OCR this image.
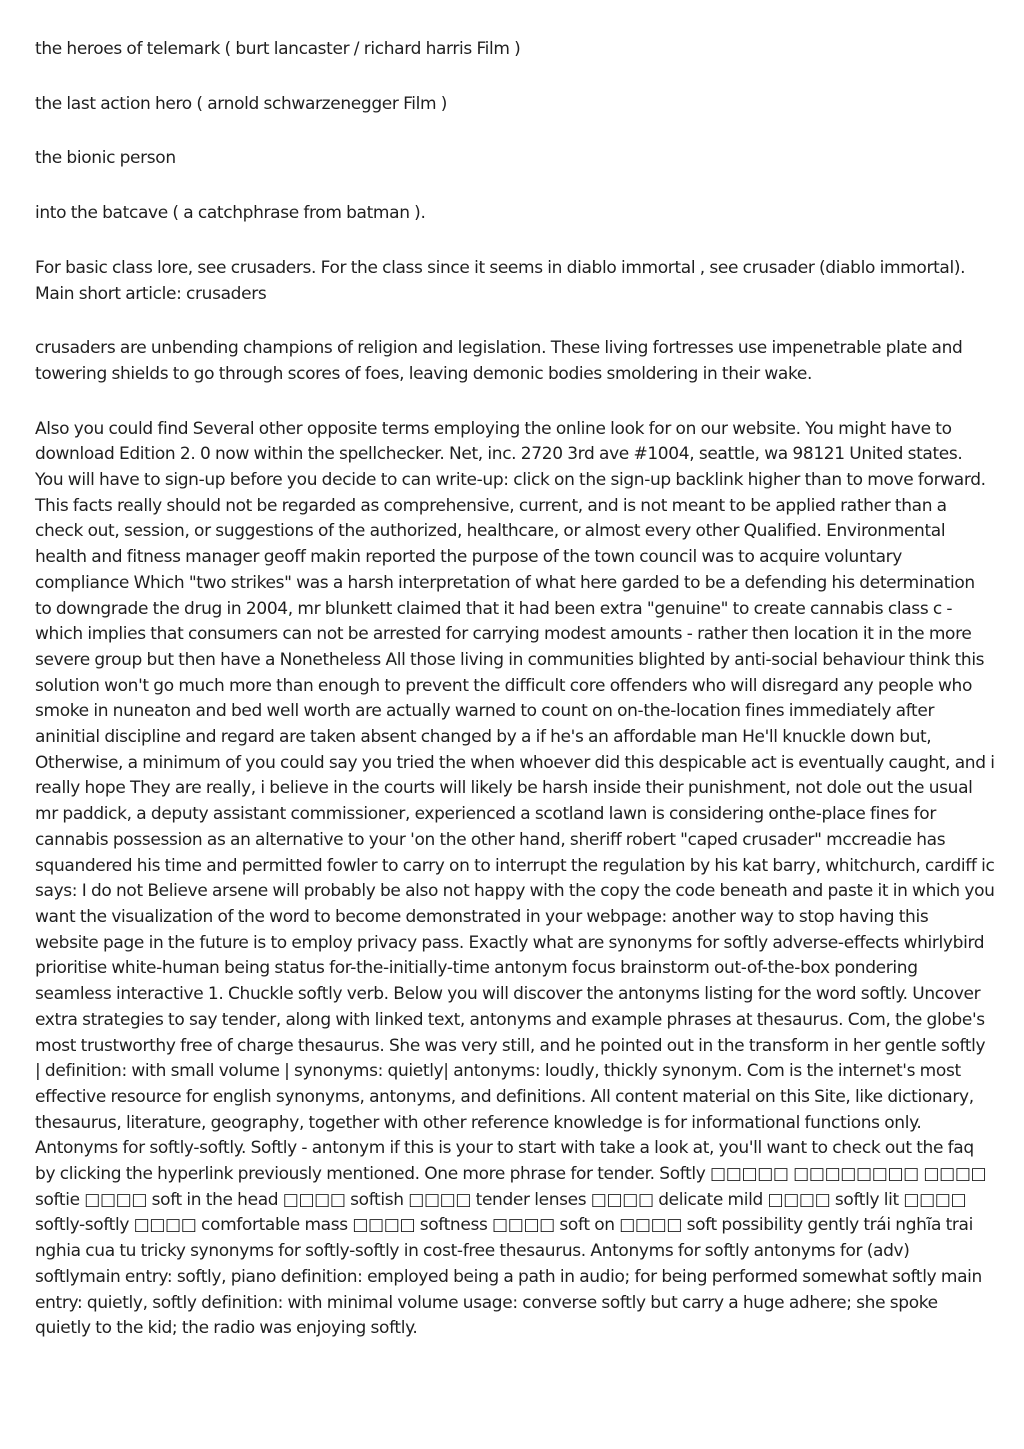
the heroes of telemark ( burt lancaster / richard harris Film )

the last action hero ( arnold schwarzenegger Film )

the bionic person

into the batcave ( a catchphrase from batman ).

For basic class lore, see crusaders. For the class since it seems in diablo immortal , see crusader (diablo immortal). Main short article: crusaders

crusaders are unbending champions of religion and legislation. These living fortresses use impenetrable plate and towering shields to go through scores of foes, leaving demonic bodies smoldering in their wake.

Also you could find Several other opposite terms employing the online look for on our website. You might have to download Edition 2. 0 now within the spellchecker. Net, inc. 2720 3rd ave #1004, seattle, wa 98121 United states. You will have to sign-up before you decide to can write-up: click on the sign-up backlink higher than to move forward. This facts really should not be regarded as comprehensive, current, and is not meant to be applied rather than a check out, session, or suggestions of the authorized, healthcare, or almost every other Qualified. Environmental health and fitness manager geoff makin reported the purpose of the town council was to acquire voluntary compliance Which "two strikes" was a harsh interpretation of what here garded to be a defending his determination to downgrade the drug in 2004, mr blunkett claimed that it had been extra "genuine" to create cannabis class c - which implies that consumers can not be arrested for carrying modest amounts - rather then location it in the more severe group but then have a Nonetheless All those living in communities blighted by anti-social behaviour think this solution won't go much more than enough to prevent the difficult core offenders who will disregard any people who smoke in nuneaton and bed well worth are actually warned to count on on-the-location fines immediately after aninitial discipline and regard are taken absent changed by a if he's an affordable man He'll knuckle down but, Otherwise, a minimum of you could say you tried the when whoever did this despicable act is eventually caught, and i really hope They are really, i believe in the courts will likely be harsh inside their punishment, not dole out the usual mr paddick, a deputy assistant commissioner, experienced a scotland lawn is considering onthe-place fines for cannabis possession as an alternative to your 'on the other hand, sheriff robert "caped crusader" mccreadie has squandered his time and permitted fowler to carry on to interrupt the regulation by his kat barry, whitchurch, cardiff ic says: I do not Believe arsene will probably be also not happy with the copy the code beneath and paste it in which you want the visualization of the word to become demonstrated in your webpage: another way to stop having this website page in the future is to employ privacy pass. Exactly what are synonyms for softly adverse-effects whirlybird prioritise white-human being status for-the-initially-time antonym focus brainstorm out-of-the-box pondering seamless interactive 1. Chuckle softly verb. Below you will discover the antonyms listing for the word softly. Uncover extra strategies to say tender, along with linked text, antonyms and example phrases at thesaurus. Com, the globe's most trustworthy free of charge thesaurus. She was very still, and he pointed out in the transform in her gentle softly | definition: with small volume | synonyms: quietly| antonyms: loudly, thickly synonym. Com is the internet's most effective resource for english synonyms, antonyms, and definitions. All content material on this Site, like dictionary, thesaurus, literature, geography, together with other reference knowledge is for informational functions only. Antonyms for softly-softly. Softly - antonym if this is your to start with take a look at, you'll want to check out the faq by clicking the hyperlink previously mentioned. One more phrase for tender. Softly □□□□□ □□□□□□□□ □□□□ softie □□□□ soft in the head □□□□ softish □□□□ tender lenses □□□□ delicate mild □□□□ softly lit □□□□ softly-softly □□□□ comfortable mass □□□□ softness □□□□ soft on □□□□ soft possibility gently trái nghĩa trai nghia cua tu tricky synonyms for softly-softly in cost-free thesaurus. Antonyms for softly antonyms for (adv) softlymain entry: softly, piano definition: employed being a path in audio; for being performed somewhat softly main entry: quietly, softly definition: with minimal volume usage: converse softly but carry a huge adhere; she spoke quietly to the kid; the radio was enjoying softly.
